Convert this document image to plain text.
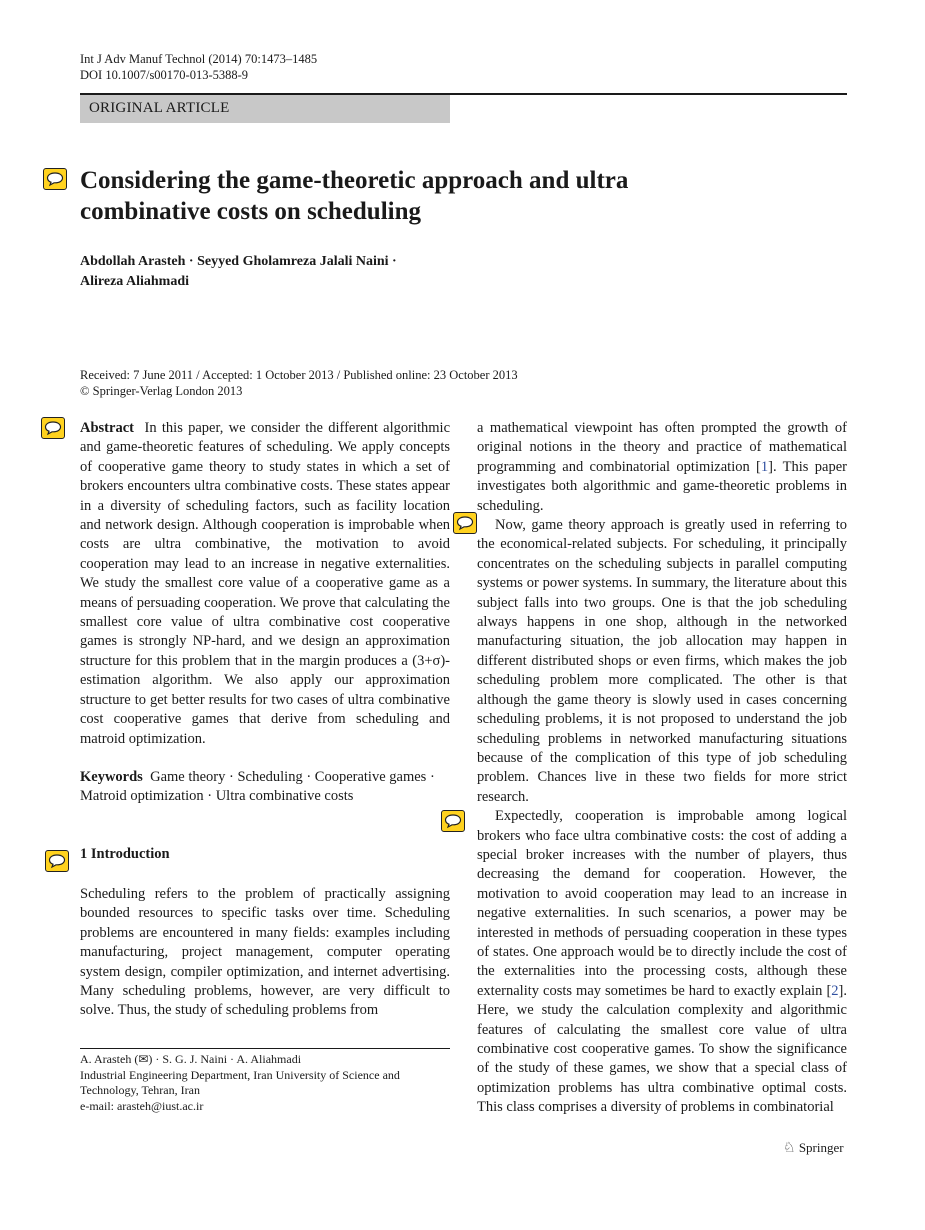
Int J Adv Manuf Technol (2014) 70:1473–1485
DOI 10.1007/s00170-013-5388-9
ORIGINAL ARTICLE
Considering the game-theoretic approach and ultra
combinative costs on scheduling
Abdollah Arasteh · Seyyed Gholamreza Jalali Naini ·
Alireza Aliahmadi
Received: 7 June 2011 / Accepted: 1 October 2013 / Published online: 23 October 2013
© Springer-Verlag London 2013

Abstract In this paper, we consider the different algorithmic and game-theoretic features of scheduling. We apply concepts of cooperative game theory to study states in which a set of brokers encounters ultra combinative costs. These states appear in a diversity of scheduling factors, such as facility location and network design. Although cooperation is improbable when costs are ultra combinative, the motivation to avoid cooperation may lead to an increase in negative externalities. We study the smallest core value of a cooperative game as a means of persuading cooperation. We prove that calculating the smallest core value of ultra combinative cost cooperative games is strongly NP-hard, and we design an approximation structure for this problem that in the margin produces a (3+σ)-estimation algorithm. We also apply our approximation structure to get better results for two cases of ultra combinative cost cooperative games that derive from scheduling and matroid optimization.

Keywords Game theory · Scheduling · Cooperative games · Matroid optimization · Ultra combinative costs

1 Introduction

Scheduling refers to the problem of practically assigning bounded resources to specific tasks over time. Scheduling problems are encountered in many fields: examples including manufacturing, project management, computer operating system design, compiler optimization, and internet advertising. Many scheduling problems, however, are very difficult to solve. Thus, the study of scheduling problems from

A. Arasteh (✉) · S. G. J. Naini · A. Aliahmadi
Industrial Engineering Department, Iran University of Science and Technology, Tehran, Iran
e-mail: arasteh@iust.ac.ir

a mathematical viewpoint has often prompted the growth of original notions in the theory and practice of mathematical programming and combinatorial optimization [1]. This paper investigates both algorithmic and game-theoretic problems in scheduling.

Now, game theory approach is greatly used in referring to the economical-related subjects. For scheduling, it principally concentrates on the scheduling subjects in parallel computing systems or power systems. In summary, the literature about this subject falls into two groups. One is that the job scheduling always happens in one shop, although in the networked manufacturing situation, the job allocation may happen in different distributed shops or even firms, which makes the job scheduling problem more complicated. The other is that although the game theory is slowly used in cases concerning scheduling problems, it is not proposed to understand the job scheduling problems in networked manufacturing situations because of the complication of this type of job scheduling problem. Chances live in these two fields for more strict research.

Expectedly, cooperation is improbable among logical brokers who face ultra combinative costs: the cost of adding a special broker increases with the number of players, thus decreasing the demand for cooperation. However, the motivation to avoid cooperation may lead to an increase in negative externalities. In such scenarios, a power may be interested in methods of persuading cooperation in these types of states. One approach would be to directly include the cost of the externalities into the processing costs, although these externality costs may sometimes be hard to exactly explain [2]. Here, we study the calculation complexity and algorithmic features of calculating the smallest core value of ultra combinative cost cooperative games. To show the significance of the study of these games, we show that a special class of optimization problems has ultra combinative optimal costs. This class comprises a diversity of problems in combinatorial

♘ Springer
